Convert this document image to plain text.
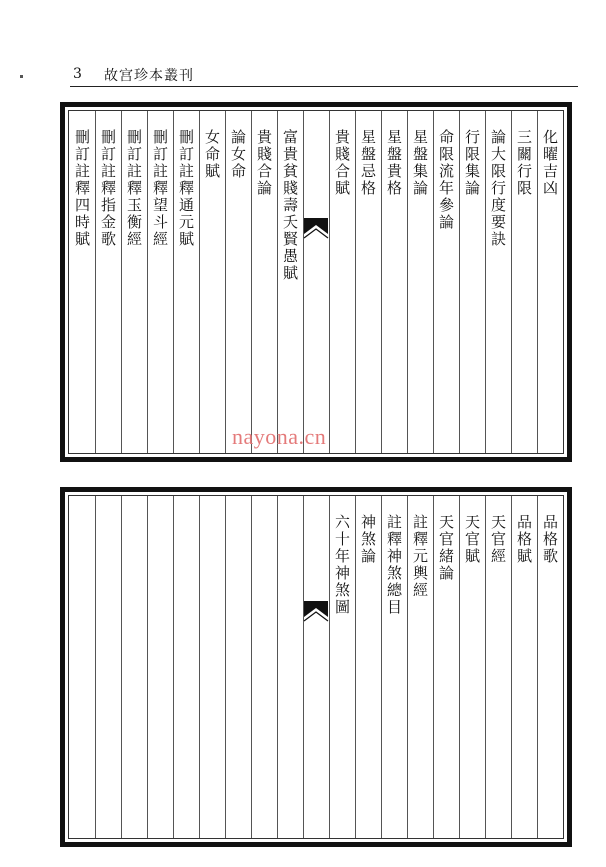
3 故宫珍本叢刊
化曜吉凶
三關行限
論大限行度要訣
行限集論
命限流年參論
星盤集論
星盤貴格
星盤忌格
貴賤合賦
富貴貧賤壽夭賢愚賦
貴賤合論
論女命
女命賦
刪訂註釋通元賦
刪訂註釋望斗經
刪訂註釋玉衡經
刪訂註釋指金歌
刪訂註釋四時賦
品格歌
品格賦
天官經
天官賦
天官緒論
註釋元輿經
註釋神煞總目
神煞論
六十年神煞圖
nayona.cn
